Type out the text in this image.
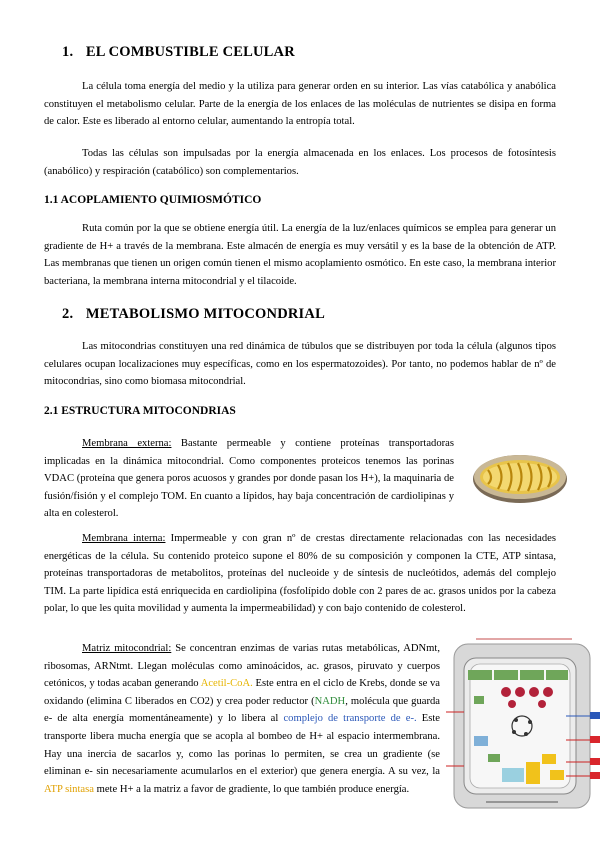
1. EL COMBUSTIBLE CELULAR

La célula toma energía del medio y la utiliza para generar orden en su interior. Las vías catabólica y anabólica constituyen el metabolismo celular. Parte de la energía de los enlaces de las moléculas de nutrientes se disipa en forma de calor. Este es liberado al entorno celular, aumentando la entropía total.

Todas las células son impulsadas por la energía almacenada en los enlaces. Los procesos de fotosíntesis (anabólico) y respiración (catabólico) son complementarios.

1.1 ACOPLAMIENTO QUIMIOSMÓTICO

Ruta común por la que se obtiene energía útil. La energía de la luz/enlaces químicos se emplea para generar un gradiente de H+ a través de la membrana. Este almacén de energía es muy versátil y es la base de la obtención de ATP. Las membranas que tienen un origen común tienen el mismo acoplamiento osmótico. En este caso, la membrana interior bacteriana, la membrana interna mitocondrial y el tilacoide.

2. METABOLISMO MITOCONDRIAL

Las mitocondrias constituyen una red dinámica de túbulos que se distribuyen por toda la célula (algunos tipos celulares ocupan localizaciones muy específicas, como en los espermatozoides). Por tanto, no podemos hablar de nº de mitocondrias, sino como biomasa mitocondrial.

2.1 ESTRUCTURA MITOCONDRIAS

Membrana externa: Bastante permeable y contiene proteínas transportadoras implicadas en la dinámica mitocondrial. Como componentes proteicos tenemos las porinas VDAC (proteína que genera poros acuosos y grandes por donde pasan los H+), la maquinaria de fusión/fisión y el complejo TOM. En cuanto a lípidos, hay baja concentración de cardiolipinas y alta en colesterol.

Membrana interna: Impermeable y con gran nº de crestas directamente relacionadas con las necesidades energéticas de la célula. Su contenido proteico supone el 80% de su composición y componen la CTE, ATP sintasa, proteínas transportadoras de metabolitos, proteínas del nucleoide y de síntesis de nucleótidos, además del complejo TIM. La parte lipídica está enriquecida en cardiolipina (fosfolípido doble con 2 pares de ac. grasos unidos por la cabeza polar, lo que les quita movilidad y aumenta la impermeabilidad) y con bajo contenido de colesterol.

Matriz mitocondrial: Se concentran enzimas de varias rutas metabólicas, ADNmt, ribosomas, ARNtmt. Llegan moléculas como aminoácidos, ac. grasos, piruvato y cuerpos cetónicos, y todas acaban generando Acetil-CoA. Este entra en el ciclo de Krebs, donde se va oxidando (elimina C liberados en CO2) y crea poder reductor (NADH, molécula que guarda e- de alta energía momentáneamente) y lo libera al complejo de transporte de e-. Este transporte libera mucha energía que se acopla al bombeo de H+ al espacio intermembrana. Hay una inercia de sacarlos y, como las porinas lo permiten, se crea un gradiente (se eliminan e- sin necesariamente acumularlos en el exterior) que genera energía. A su vez, la ATP sintasa mete H+ a la matriz a favor de gradiente, lo que también produce energía.
